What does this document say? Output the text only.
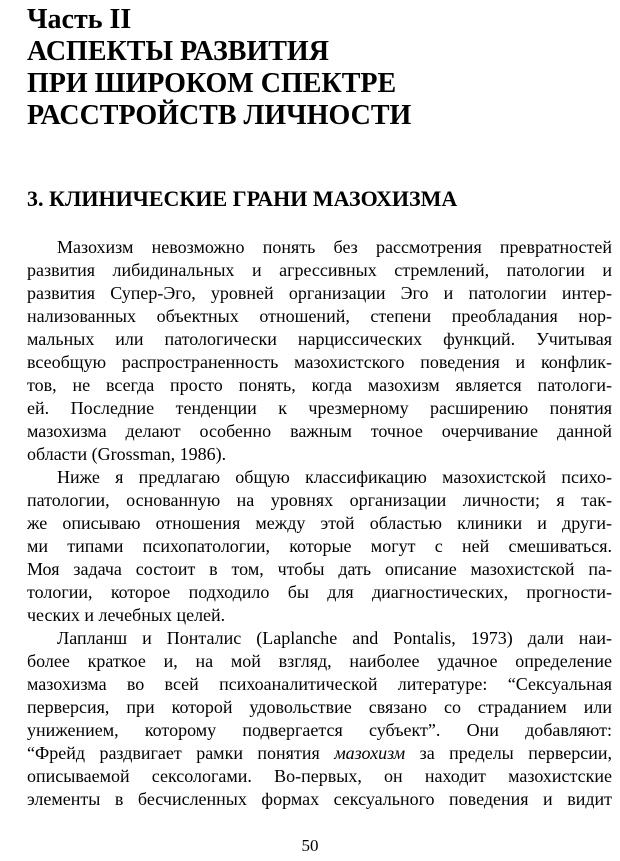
Часть II
АСПЕКТЫ РАЗВИТИЯ
ПРИ ШИРОКОМ СПЕКТРЕ
РАССТРОЙСТВ ЛИЧНОСТИ
3. КЛИНИЧЕСКИЕ ГРАНИ МАЗОХИЗМА
Мазохизм невозможно понять без рассмотрения превратностей
развития либидинальных и агрессивных стремлений, патологии и
развития Супер-Эго, уровней организации Эго и патологии интер-
нализованных объектных отношений, степени преобладания нор-
мальных или патологически нарциссических функций. Учитывая
всеобщую распространенность мазохистского поведения и конфлик-
тов, не всегда просто понять, когда мазохизм является патологи-
ей. Последние тенденции к чрезмерному расширению понятия
мазохизма делают особенно важным точное очерчивание данной
области (Grossman, 1986).
Ниже я предлагаю общую классификацию мазохистской психо-
патологии, основанную на уровнях организации личности; я так-
же описываю отношения между этой областью клиники и други-
ми типами психопатологии, которые могут с ней смешиваться.
Моя задача состоит в том, чтобы дать описание мазохистской па-
тологии, которое подходило бы для диагностических, прогности-
ческих и лечебных целей.
Лапланш и Понталис (Laplanche and Pontalis, 1973) дали наи-
более краткое и, на мой взгляд, наиболее удачное определение
мазохизма во всей психоаналитической литературе: “Сексуальная
перверсия, при которой удовольствие связано со страданием или
унижением, которому подвергается субъект”. Они добавляют:
“Фрейд раздвигает рамки понятия мазохизм за пределы перверсии,
описываемой сексологами. Во-первых, он находит мазохистские
элементы в бесчисленных формах сексуального поведения и видит
50
